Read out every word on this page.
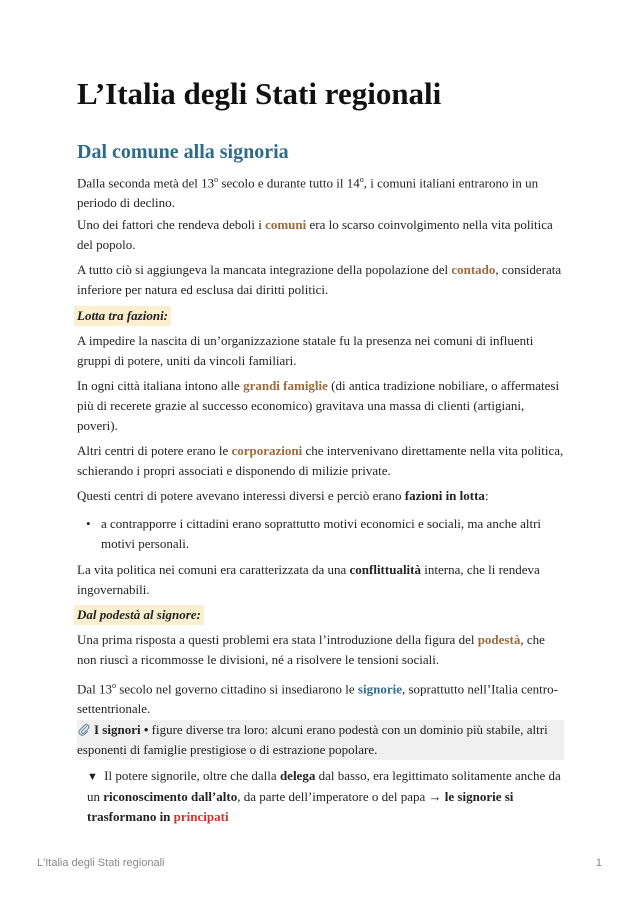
L’Italia degli Stati regionali
Dal comune alla signoria

Dalla seconda metà del 13$^o$ secolo e durante tutto il 14$^o$, i comuni italiani entrarono in un periodo di declino.

Uno dei fattori che rendeva deboli i comuni era lo scarso coinvolgimento nella vita politica del popolo.

A tutto ciò si aggiungeva la mancata integrazione della popolazione del contado, considerata inferiore per natura ed esclusa dai diritti politici.

Lotta tra fazioni:

A impedire la nascita di un’organizzazione statale fu la presenza nei comuni di influenti gruppi di potere, uniti da vincoli familiari.

In ogni città italiana intono alle grandi famiglie (di antica tradizione nobiliare, o affermatesi più di recerete grazie al successo economico) gravitava una massa di clienti (artigiani, poveri).

Altri centri di potere erano le corporazioni che intervenivano direttamente nella vita politica, schierando i propri associati e disponendo di milizie private.

Questi centri di potere avevano interessi diversi e perciò erano fazioni in lotta:

• a contrapporre i cittadini erano soprattutto motivi economici e sociali, ma anche altri motivi personali.

La vita politica nei comuni era caratterizzata da una conflittualità interna, che li rendeva ingovernabili.

Dal podestà al signore:

Una prima risposta a questi problemi era stata l’introduzione della figura del podestà, che non riuscì a ricommosse le divisioni, né a risolvere le tensioni sociali.

Dal 13$^o$ secolo nel governo cittadino si insediarono le signorie, soprattutto nell’Italia centro-settentrionale.

I signori • figure diverse tra loro: alcuni erano podestà con un dominio più stabile, altri esponenti di famiglie prestigiose o di estrazione popolare.
▼ Il potere signorile, oltre che dalla delega dal basso, era legittimato solitamente anche da un riconoscimento dall’alto, da parte dell’imperatore o del papa → le signorie si trasformano in principati
L'Italia degli Stati regionali	1
